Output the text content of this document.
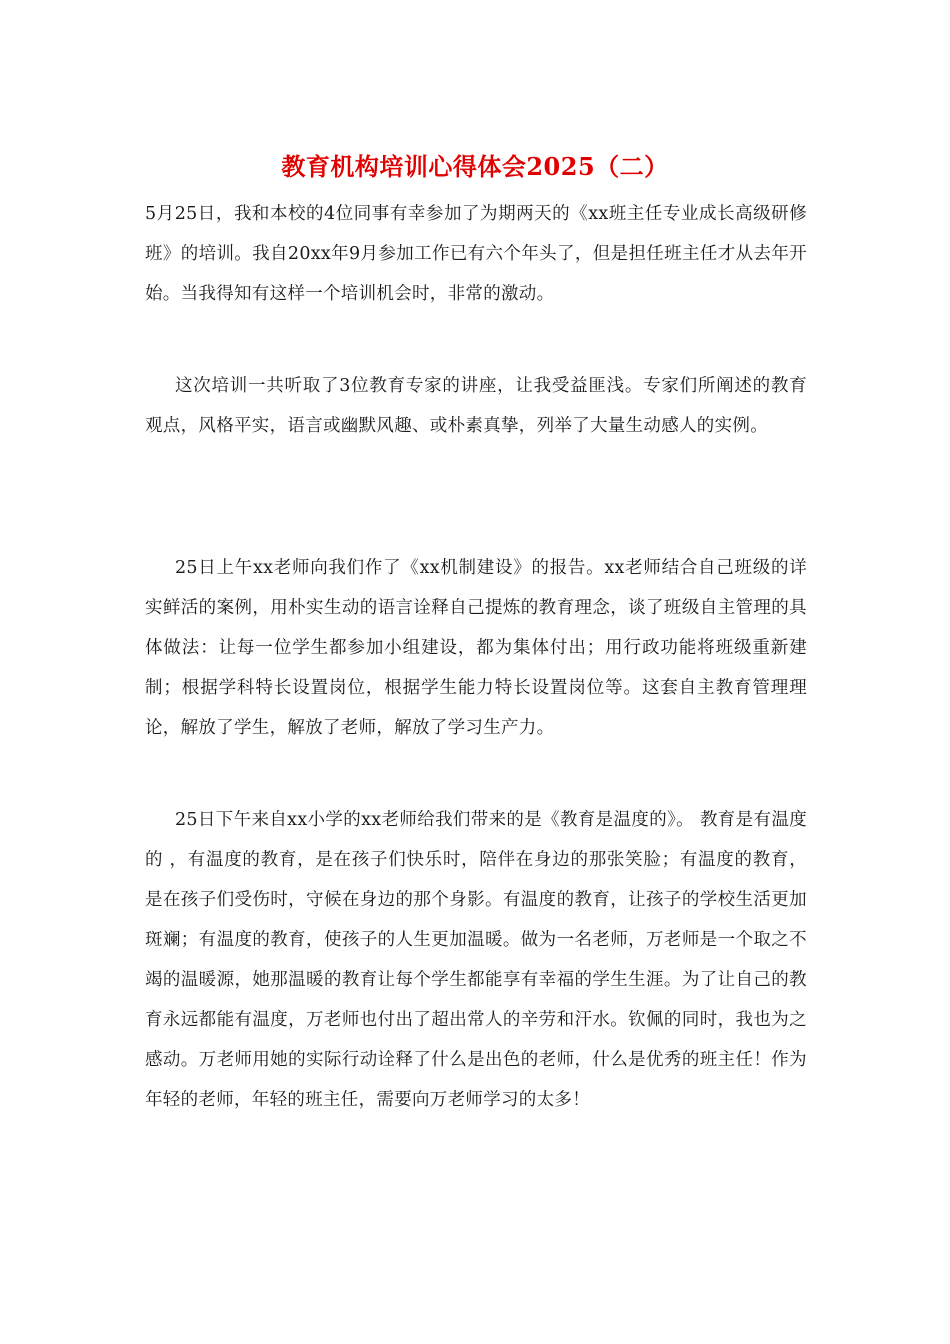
教育机构培训心得体会2025（二）

5月25日，我和本校的4位同事有幸参加了为期两天的《xx班主任专业成长高级研修班》的培训。我自20xx年9月参加工作已有六个年头了，但是担任班主任才从去年开始。当我得知有这样一个培训机会时，非常的激动。

这次培训一共听取了3位教育专家的讲座，让我受益匪浅。专家们所阐述的教育观点，风格平实，语言或幽默风趣、或朴素真挚，列举了大量生动感人的实例。

25日上午xx老师向我们作了《xx机制建设》的报告。xx老师结合自己班级的详实鲜活的案例，用朴实生动的语言诠释自己提炼的教育理念，谈了班级自主管理的具体做法：让每一位学生都参加小组建设，都为集体付出；用行政功能将班级重新建制；根据学科特长设置岗位，根据学生能力特长设置岗位等。这套自主教育管理理论，解放了学生，解放了老师，解放了学习生产力。

25日下午来自xx小学的xx老师给我们带来的是《教育是温度的》。 教育是有温度的 ，有温度的教育，是在孩子们快乐时，陪伴在身边的那张笑脸；有温度的教育，是在孩子们受伤时，守候在身边的那个身影。有温度的教育，让孩子的学校生活更加斑斓；有温度的教育，使孩子的人生更加温暖。做为一名老师，万老师是一个取之不竭的温暖源，她那温暖的教育让每个学生都能享有幸福的学生生涯。为了让自己的教育永远都能有温度，万老师也付出了超出常人的辛劳和汗水。钦佩的同时，我也为之感动。万老师用她的实际行动诠释了什么是出色的老师，什么是优秀的班主任！作为年轻的老师，年轻的班主任，需要向万老师学习的太多！
